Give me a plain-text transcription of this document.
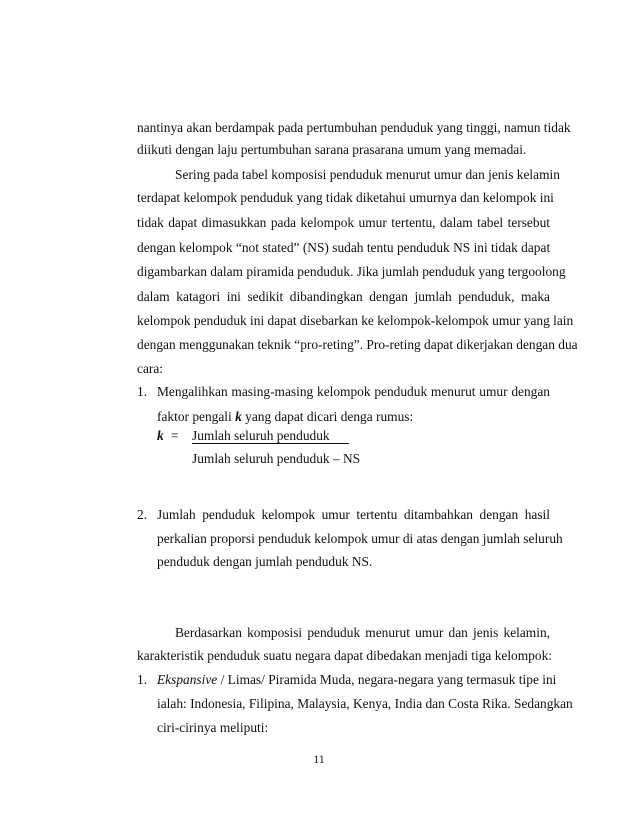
nantinya akan berdampak pada pertumbuhan penduduk yang tinggi, namun tidak
diikuti dengan laju pertumbuhan sarana prasarana umum yang memadai.
Sering pada tabel komposisi penduduk menurut umur dan jenis kelamin
terdapat kelompok penduduk yang tidak diketahui umurnya dan kelompok ini
tidak dapat dimasukkan pada kelompok umur tertentu, dalam tabel tersebut
dengan kelompok “not stated” (NS) sudah tentu penduduk NS ini tidak dapat
digambarkan dalam piramida penduduk. Jika jumlah penduduk yang tergoolong
dalam katagori ini sedikit dibandingkan dengan jumlah penduduk, maka
kelompok penduduk ini dapat disebarkan ke kelompok-kelompok umur yang lain
dengan menggunakan teknik “pro-reting”. Pro-reting dapat dikerjakan dengan dua
cara:
1. Mengalihkan masing-masing kelompok penduduk menurut umur dengan
faktor pengali k yang dapat dicari denga rumus:
k = Jumlah seluruh penduduk
Jumlah seluruh penduduk – NS
2. Jumlah penduduk kelompok umur tertentu ditambahkan dengan hasil
perkalian proporsi penduduk kelompok umur di atas dengan jumlah seluruh
penduduk dengan jumlah penduduk NS.
Berdasarkan komposisi penduduk menurut umur dan jenis kelamin,
karakteristik penduduk suatu negara dapat dibedakan menjadi tiga kelompok:
1. Ekspansive / Limas/ Piramida Muda, negara-negara yang termasuk tipe ini
ialah: Indonesia, Filipina, Malaysia, Kenya, India dan Costa Rika. Sedangkan
ciri-cirinya meliputi:
11
